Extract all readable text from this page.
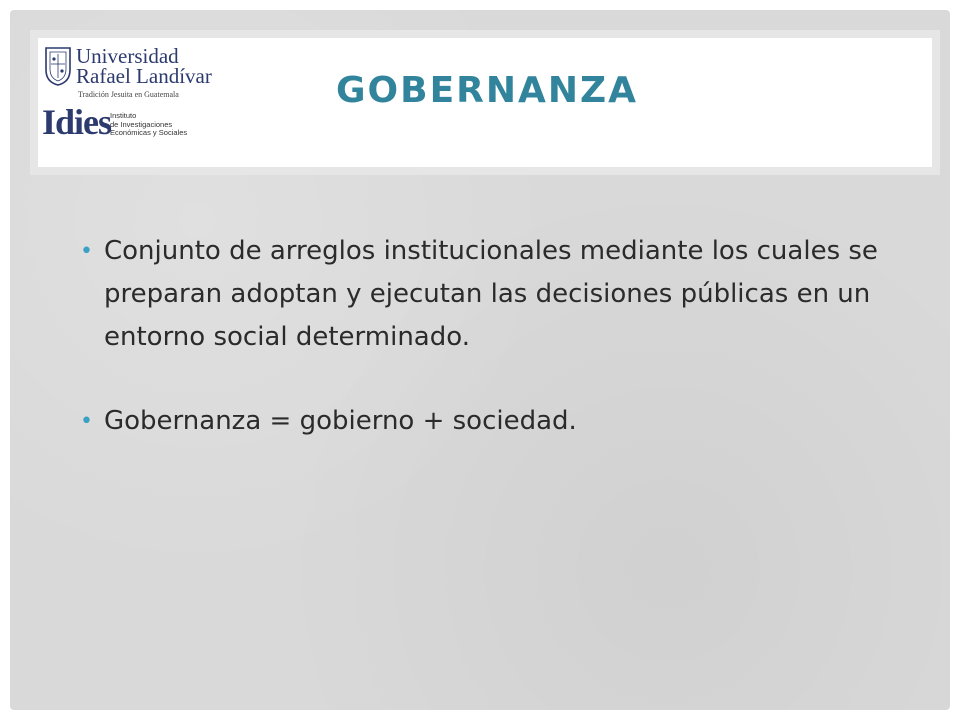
Universidad
Rafael Landívar
Tradición Jesuita en Guatemala
Idies
Instituto
de Investigaciones
Económicas y Sociales
GOBERNANZA
• Conjunto de arreglos institucionales mediante los cuales se preparan adoptan y ejecutan las decisiones públicas en un entorno social determinado.
• Gobernanza = gobierno + sociedad.
